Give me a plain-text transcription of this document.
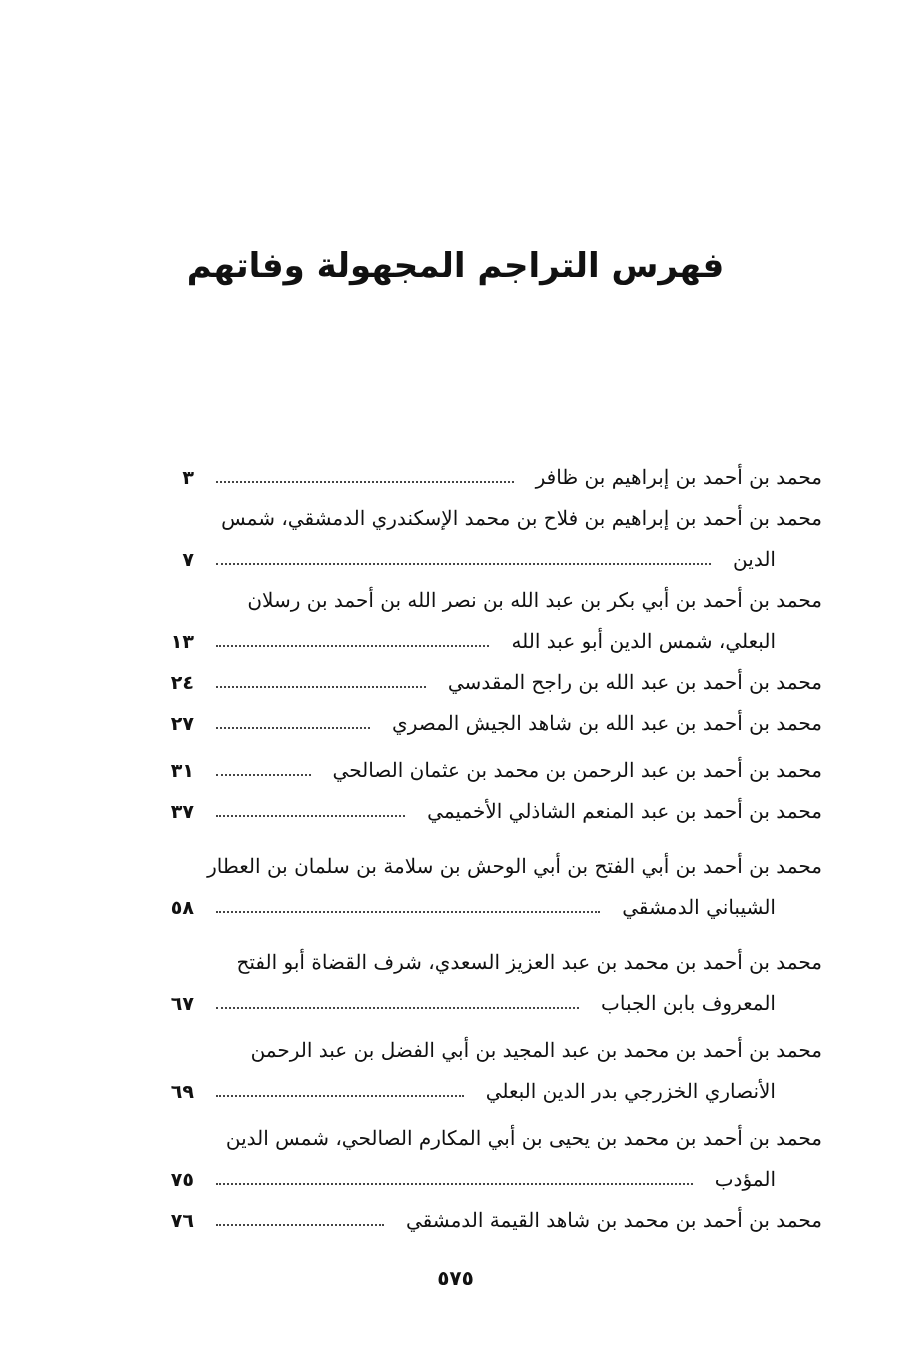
فهرس التراجم المجهولة وفاتهم
محمد بن أحمد بن إبراهيم بن ظافر
٣
محمد بن أحمد بن إبراهيم بن فلاح بن محمد الإسكندري الدمشقي، شمس
الدين
٧
محمد بن أحمد بن أبي بكر بن عبد الله بن نصر الله بن أحمد بن رسلان
البعلي، شمس الدين أبو عبد الله
١٣
محمد بن أحمد بن عبد الله بن راجح المقدسي
٢٤
محمد بن أحمد بن عبد الله بن شاهد الجيش المصري
٢٧
محمد بن أحمد بن عبد الرحمن بن محمد بن عثمان الصالحي
٣١
محمد بن أحمد بن عبد المنعم الشاذلي الأخميمي
٣٧
محمد بن أحمد بن أبي الفتح بن أبي الوحش بن سلامة بن سلمان بن العطار
الشيباني الدمشقي
٥٨
محمد بن أحمد بن محمد بن عبد العزيز السعدي، شرف القضاة أبو الفتح
المعروف بابن الجباب
٦٧
محمد بن أحمد بن محمد بن عبد المجيد بن أبي الفضل بن عبد الرحمن
الأنصاري الخزرجي بدر الدين البعلي
٦٩
محمد بن أحمد بن محمد بن يحيى بن أبي المكارم الصالحي، شمس الدين
المؤدب
٧٥
محمد بن أحمد بن محمد بن شاهد القيمة الدمشقي
٧٦
٥٧٥
